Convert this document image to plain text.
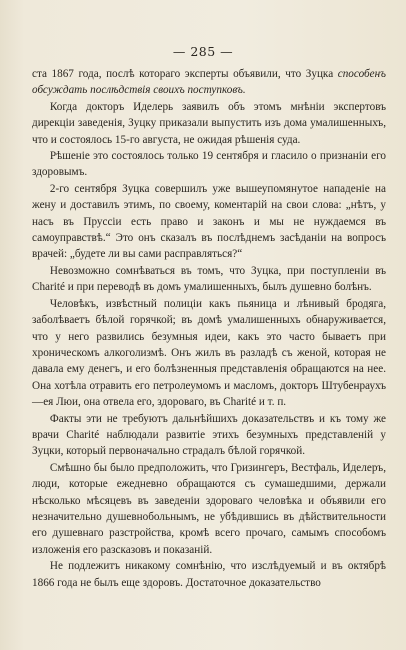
— 285 —

ста 1867 года, послѣ котораго эксперты объявили, что Зуцка способенъ обсуждать послѣдствія своихъ поступковъ.

Когда докторъ Иделерь заявилъ объ этомъ мнѣніи экспертовъ дирекціи заведенія, Зуцку приказали выпустить изъ дома умалишенныхъ, что и состоялось 15-го августа, не ожидая рѣшенія суда.

Рѣшеніе это состоялось только 19 сентября и гласило о признаніи его здоровымъ.

2-го сентября Зуцка совершилъ уже вышеупомянутое нападеніе на жену и доставилъ этимъ, по своему, коментарій на свои слова: „нѣтъ, у насъ въ Пруссіи есть право и законъ и мы не нуждаемся въ самоуправствѣ.“ Это онъ сказалъ въ послѣднемъ засѣданіи на вопросъ врачей: „будете ли вы сами расправляться?“

Невозможно сомнѣваться въ томъ, что Зуцка, при поступленіи въ Charité и при переводѣ въ домъ умалишенныхъ, былъ душевно болѣнъ.

Человѣкъ, извѣстный полиціи какъ пьяница и лѣнивый бродяга, заболѣваетъ бѣлой горячкой; въ домѣ умалишенныхъ обнаруживается, что у него развились безумныя идеи, какъ это часто бываетъ при хроническомъ алкоголизмѣ. Онъ жилъ въ разладѣ съ женой, которая не давала ему денегъ, и его болѣзненныя представленія обращаются на нее. Она хотѣла отравить его петролеумомъ и масломъ, докторъ Штубенраухъ—ея Люи, она отвела его, здороваго, въ Charité и т. п.

Факты эти не требуютъ дальнѣйшихъ доказательствъ и къ тому же врачи Charité наблюдали развитіе этихъ безумныхъ представленій у Зуцки, который первоначально страдалъ бѣлой горячкой.

Смѣшно бы было предположить, что Гризингеръ, Вестфаль, Иделеръ, люди, которые ежедневно обращаются съ сумашедшими, держали нѣсколько мѣсяцевъ въ заведеніи здороваго человѣка и объявили его незначительно душевнобольнымъ, не убѣдившись въ дѣйствительности его душевнаго разстройства, кромѣ всего прочаго, самымъ способомъ изложенія его разсказовъ и показаній.

Не подлежитъ никакому сомнѣнію, что изслѣдуемый и въ октябрѣ 1866 года не былъ еще здоровъ. Достаточное доказательство
